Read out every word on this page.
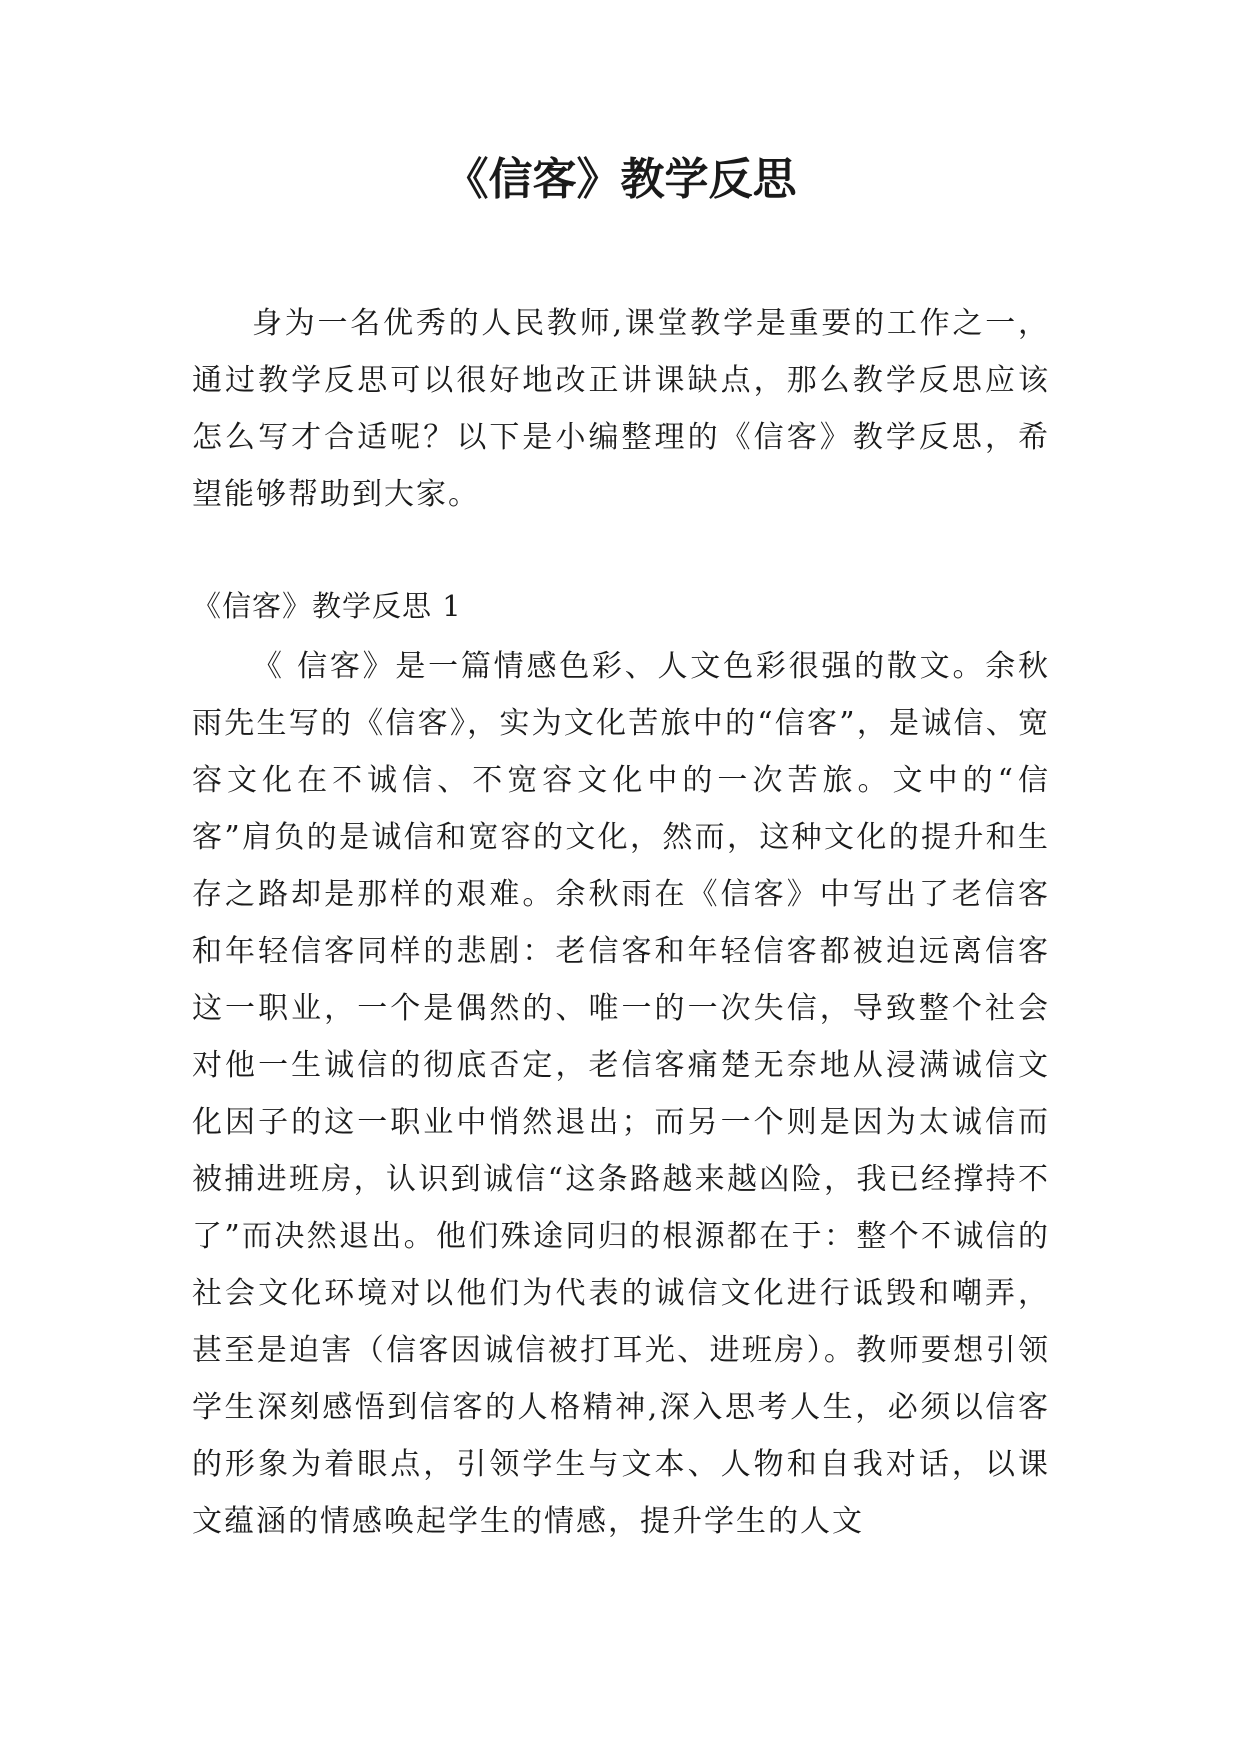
《信客》教学反思

身为一名优秀的人民教师,课堂教学是重要的工作之一，通过教学反思可以很好地改正讲课缺点，那么教学反思应该怎么写才合适呢？以下是小编整理的《信客》教学反思，希望能够帮助到大家。

《信客》教学反思 1

《 信客》是一篇情感色彩、人文色彩很强的散文。余秋雨先生写的《信客》，实为文化苦旅中的“信客”，是诚信、宽容文化在不诚信、不宽容文化中的一次苦旅。文中的“信客”肩负的是诚信和宽容的文化，然而，这种文化的提升和生存之路却是那样的艰难。余秋雨在《信客》中写出了老信客和年轻信客同样的悲剧：老信客和年轻信客都被迫远离信客这一职业，一个是偶然的、唯一的一次失信，导致整个社会对他一生诚信的彻底否定，老信客痛楚无奈地从浸满诚信文化因子的这一职业中悄然退出；而另一个则是因为太诚信而被捕进班房，认识到诚信“这条路越来越凶险，我已经撑持不了”而决然退出。他们殊途同归的根源都在于：整个不诚信的社会文化环境对以他们为代表的诚信文化进行诋毁和嘲弄，甚至是迫害（信客因诚信被打耳光、进班房）。教师要想引领学生深刻感悟到信客的人格精神,深入思考人生，必须以信客的形象为着眼点，引领学生与文本、人物和自我对话，以课文蕴涵的情感唤起学生的情感，提升学生的人文
